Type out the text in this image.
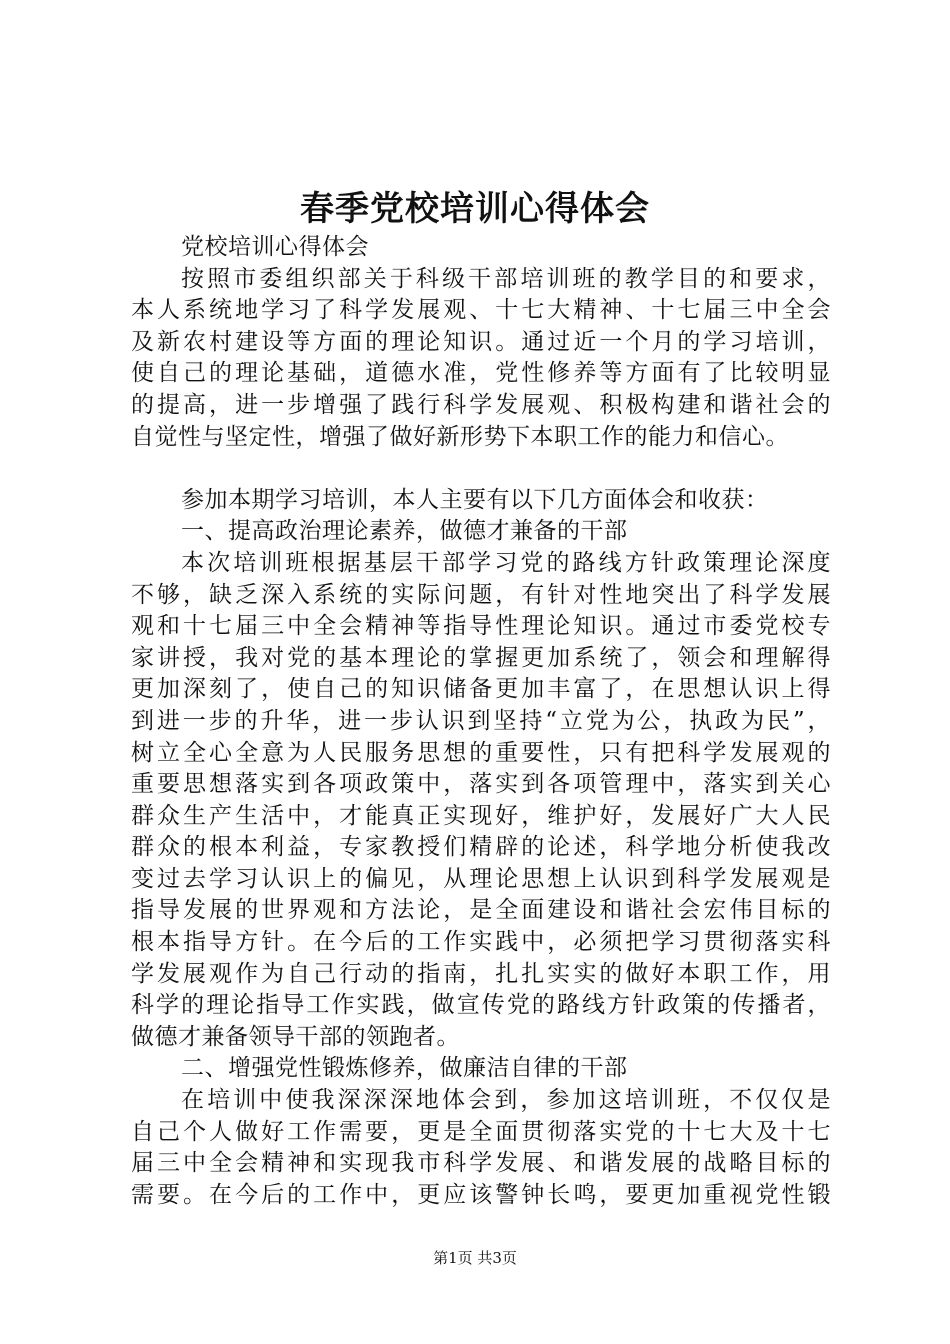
春季党校培训心得体会
党校培训心得体会
按照市委组织部关于科级干部培训班的教学目的和要求，
本人系统地学习了科学发展观、十七大精神、十七届三中全会
及新农村建设等方面的理论知识。通过近一个月的学习培训，
使自己的理论基础，道德水准，党性修养等方面有了比较明显
的提高，进一步增强了践行科学发展观、积极构建和谐社会的
自觉性与坚定性，增强了做好新形势下本职工作的能力和信心。
参加本期学习培训，本人主要有以下几方面体会和收获：
一、提高政治理论素养，做德才兼备的干部
本次培训班根据基层干部学习党的路线方针政策理论深度
不够，缺乏深入系统的实际问题，有针对性地突出了科学发展
观和十七届三中全会精神等指导性理论知识。通过市委党校专
家讲授，我对党的基本理论的掌握更加系统了，领会和理解得
更加深刻了，使自己的知识储备更加丰富了，在思想认识上得
到进一步的升华，进一步认识到坚持“立党为公，执政为民”，
树立全心全意为人民服务思想的重要性，只有把科学发展观的
重要思想落实到各项政策中，落实到各项管理中，落实到关心
群众生产生活中，才能真正实现好，维护好，发展好广大人民
群众的根本利益，专家教授们精辟的论述，科学地分析使我改
变过去学习认识上的偏见，从理论思想上认识到科学发展观是
指导发展的世界观和方法论，是全面建设和谐社会宏伟目标的
根本指导方针。在今后的工作实践中，必须把学习贯彻落实科
学发展观作为自己行动的指南，扎扎实实的做好本职工作，用
科学的理论指导工作实践，做宣传党的路线方针政策的传播者，
做德才兼备领导干部的领跑者。
二、增强党性锻炼修养，做廉洁自律的干部
在培训中使我深深深地体会到，参加这培训班，不仅仅是
自己个人做好工作需要，更是全面贯彻落实党的十七大及十七
届三中全会精神和实现我市科学发展、和谐发展的战略目标的
需要。在今后的工作中，更应该警钟长鸣，要更加重视党性锻
第1页 共3页
